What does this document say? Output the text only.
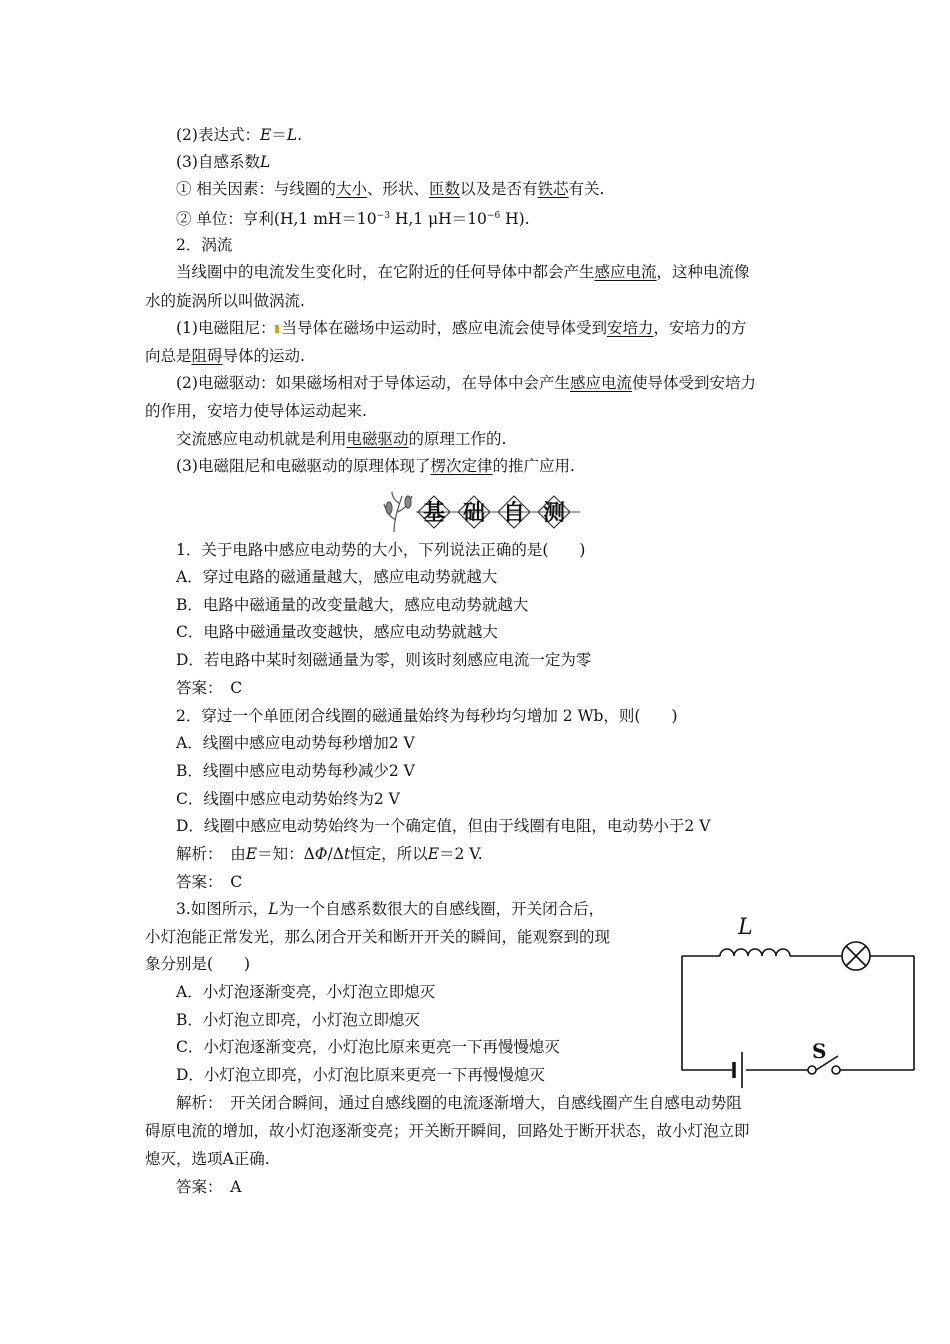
(2)表达式：E＝L.
(3)自感系数L
① 相关因素：与线圈的大小、形状、匝数以及是否有铁芯有关.
② 单位：亨利(H,1 $mH=10^{-3}$ H,1 $\mu H=10^{-6}$ H).
2．涡流
当线圈中的电流发生变化时，在它附近的任何导体中都会产生感应电流，这种电流像
水的旋涡所以叫做涡流.
(1)电磁阻尼： 当导体在磁场中运动时，感应电流会使导体受到安培力，安培力的方
向总是阻碍导体的运动.
(2)电磁驱动：如果磁场相对于导体运动，在导体中会产生感应电流使导体受到安培力
的作用，安培力使导体运动起来.
交流感应电动机就是利用电磁驱动的原理工作的.
(3)电磁阻尼和电磁驱动的原理体现了楞次定律的推广应用.
基 础 自 测
1．关于电路中感应电动势的大小，下列说法正确的是(　　)
A．穿过电路的磁通量越大，感应电动势就越大
B．电路中磁通量的改变量越大，感应电动势就越大
C．电路中磁通量改变越快，感应电动势就越大
D．若电路中某时刻磁通量为零，则该时刻感应电流一定为零
答案：　C
2．穿过一个单匝闭合线圈的磁通量始终为每秒均匀增加 2 Wb，则(　　)
A．线圈中感应电动势每秒增加2 V
B．线圈中感应电动势每秒减少2 V
C．线圈中感应电动势始终为2 V
D．线圈中感应电动势始终为一个确定值，但由于线圈有电阻，电动势小于2 V
解析：　由E＝知：ΔΦ/Δt恒定，所以E＝2 V.
答案：　C
3.如图所示，L为一个自感系数很大的自感线圈，开关闭合后，
小灯泡能正常发光，那么闭合开关和断开开关的瞬间，能观察到的现
象分别是(　　)
A．小灯泡逐渐变亮，小灯泡立即熄灭
B．小灯泡立即亮，小灯泡立即熄灭
C．小灯泡逐渐变亮，小灯泡比原来更亮一下再慢慢熄灭
D．小灯泡立即亮，小灯泡比原来更亮一下再慢慢熄灭
解析：　开关闭合瞬间，通过自感线圈的电流逐渐增大，自感线圈产生自感电动势阻
碍原电流的增加，故小灯泡逐渐变亮；开关断开瞬间，回路处于断开状态，故小灯泡立即
熄灭，选项A正确.
答案：　A
L
S
